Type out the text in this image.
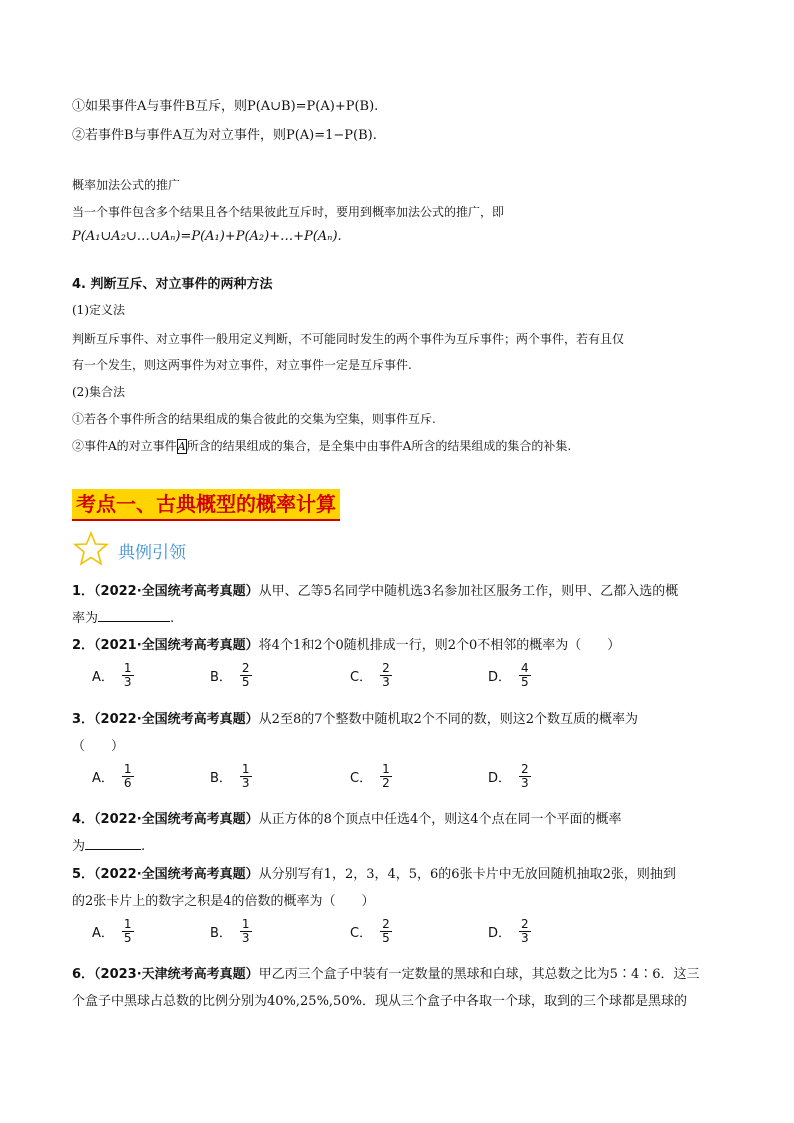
①如果事件A与事件B互斥，则P(A∪B)=P(A)+P(B).
②若事件B与事件A互为对立事件，则P(A)=1−P(B).
概率加法公式的推广
当一个事件包含多个结果且各个结果彼此互斥时，要用到概率加法公式的推广，即
P(A₁∪A₂∪…∪Aₙ)=P(A₁)+P(A₂)+…+P(Aₙ).
4. 判断互斥、对立事件的两种方法
(1)定义法
判断互斥事件、对立事件一般用定义判断，不可能同时发生的两个事件为互斥事件；两个事件，若有且仅
有一个发生，则这两事件为对立事件，对立事件一定是互斥事件.
(2)集合法
①若各个事件所含的结果组成的集合彼此的交集为空集，则事件互斥.
②事件A的对立事件A所含的结果组成的集合，是全集中由事件A所含的结果组成的集合的补集.
考点一、古典概型的概率计算
典例引领
1．（2022·全国统考高考真题）从甲、乙等5名同学中随机选3名参加社区服务工作，则甲、乙都入选的概
率为	.
2．（2021·全国统考高考真题）将4个1和2个0随机排成一行，则2个0不相邻的概率为（　　）
A． $\frac{1}{3}$	B． $\frac{2}{5}$	C． $\frac{2}{3}$	D． $\frac{4}{5}$
3．（2022·全国统考高考真题）从2至8的7个整数中随机取2个不同的数，则这2个数互质的概率为
（　　）
A． $\frac{1}{6}$	B． $\frac{1}{3}$	C． $\frac{1}{2}$	D． $\frac{2}{3}$
4．（2022·全国统考高考真题）从正方体的8个顶点中任选4个，则这4个点在同一个平面的概率
为	.
5．（2022·全国统考高考真题）从分别写有1，2，3，4，5，6的6张卡片中无放回随机抽取2张，则抽到
的2张卡片上的数字之积是4的倍数的概率为（　　）
A． $\frac{1}{5}$	B． $\frac{1}{3}$	C． $\frac{2}{5}$	D． $\frac{2}{3}$
6．（2023·天津统考高考真题）甲乙丙三个盒子中装有一定数量的黑球和白球，其总数之比为5∶4∶6．这三
个盒子中黑球占总数的比例分别为40%,25%,50%．现从三个盒子中各取一个球，取到的三个球都是黑球的
